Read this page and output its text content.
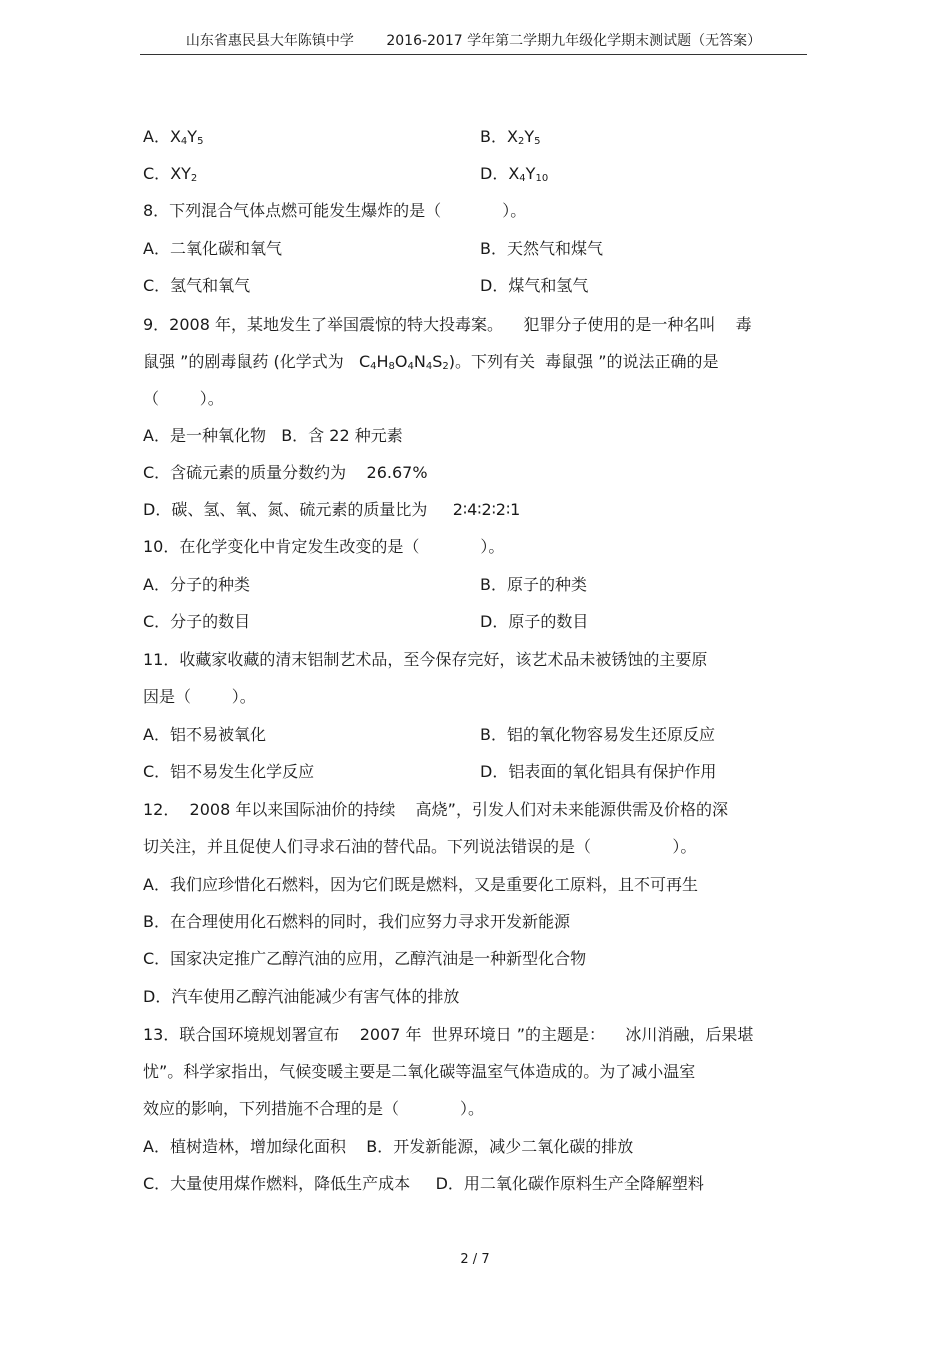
山东省惠民县大年陈镇中学 2016-2017 学年第二学期九年级化学期末测试题（无答案）
A．$X_4Y_5$	B．$X_2Y_5$
C．$XY_2$	D．$X_4Y_{10}$
8．下列混合气体点燃可能发生爆炸的是（            ）。
A．二氧化碳和氧气	B．天然气和煤气
C．氢气和氧气	D．煤气和氢气
9．2008 年，某地发生了举国震惊的特大投毒案。    犯罪分子使用的是一种名叫    毒
鼠强 ”的剧毒鼠药 (化学式为   $C_4H_8O_4N_4S_2$)。下列有关  毒鼠强 ”的说法正确的是
（        ）。
A．是一种氧化物   B．含 22 种元素
C．含硫元素的质量分数约为    26.67%
D．碳、氢、氧、氮、硫元素的质量比为     2∶4∶2∶2∶1
10．在化学变化中肯定发生改变的是（            ）。
A．分子的种类	B．原子的种类
C．分子的数目	D．原子的数目
11．收藏家收藏的清末铝制艺术品，至今保存完好，该艺术品未被锈蚀的主要原
因是（        ）。
A．铝不易被氧化	B．铝的氧化物容易发生还原反应
C．铝不易发生化学反应	D．铝表面的氧化铝具有保护作用
12．  2008 年以来国际油价的持续    高烧”，引发人们对未来能源供需及价格的深
切关注，并且促使人们寻求石油的替代品。下列说法错误的是（                ）。
A．我们应珍惜化石燃料，因为它们既是燃料，又是重要化工原料，且不可再生
B．在合理使用化石燃料的同时，我们应努力寻求开发新能源
C．国家决定推广乙醇汽油的应用，乙醇汽油是一种新型化合物
D．汽车使用乙醇汽油能减少有害气体的排放
13．联合国环境规划署宣布    2007 年  世界环境日 ”的主题是：    冰川消融，后果堪
忧”。科学家指出，气候变暖主要是二氧化碳等温室气体造成的。为了减小温室
效应的影响，下列措施不合理的是（            ）。
A．植树造林，增加绿化面积    B．开发新能源，减少二氧化碳的排放
C．大量使用煤作燃料，降低生产成本     D．用二氧化碳作原料生产全降解塑料
2 / 7
